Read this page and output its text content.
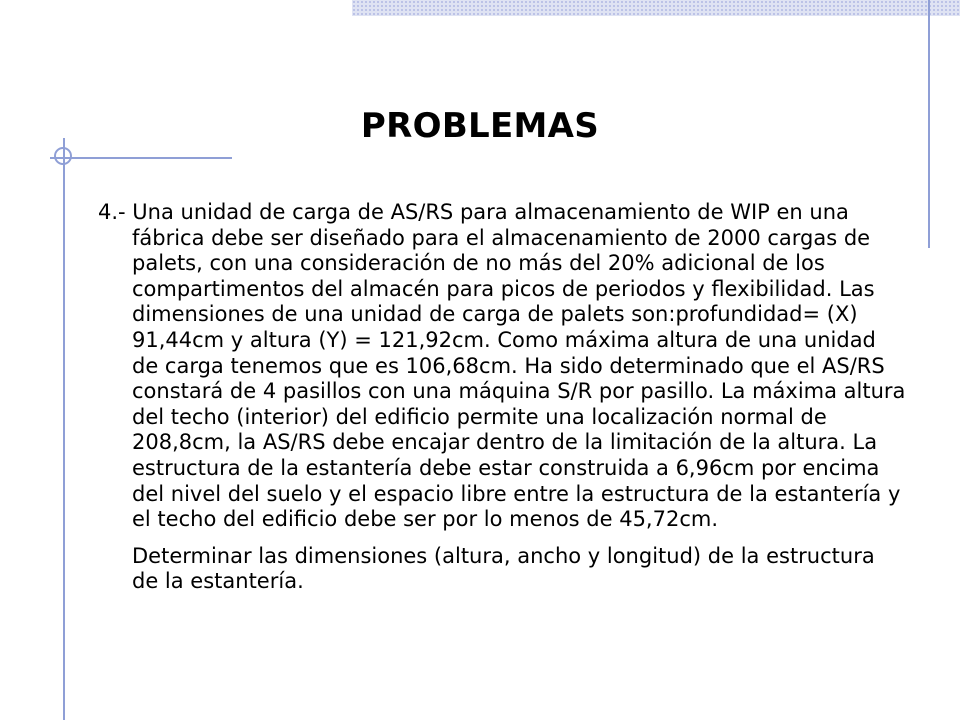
PROBLEMAS

4.- Una unidad de carga de AS/RS para almacenamiento de WIP en una fábrica debe ser diseñado para el almacenamiento de 2000 cargas de palets, con una consideración de no más del 20% adicional de los compartimentos del almacén para picos de periodos y flexibilidad. Las dimensiones de una unidad de carga de palets son:profundidad= (X) 91,44cm y altura (Y) = 121,92cm. Como máxima altura de una unidad de carga tenemos que es 106,68cm. Ha sido determinado que el AS/RS constará de 4 pasillos con una máquina S/R por pasillo. La máxima altura del techo (interior) del edificio permite una localización normal de 208,8cm, la AS/RS debe encajar dentro de la limitación de la altura. La estructura de la estantería debe estar construida a 6,96cm por encima del nivel del suelo y el espacio libre entre la estructura de la estantería y el techo del edificio debe ser por lo menos de 45,72cm.

Determinar las dimensiones (altura, ancho y longitud) de la estructura de la estantería.
